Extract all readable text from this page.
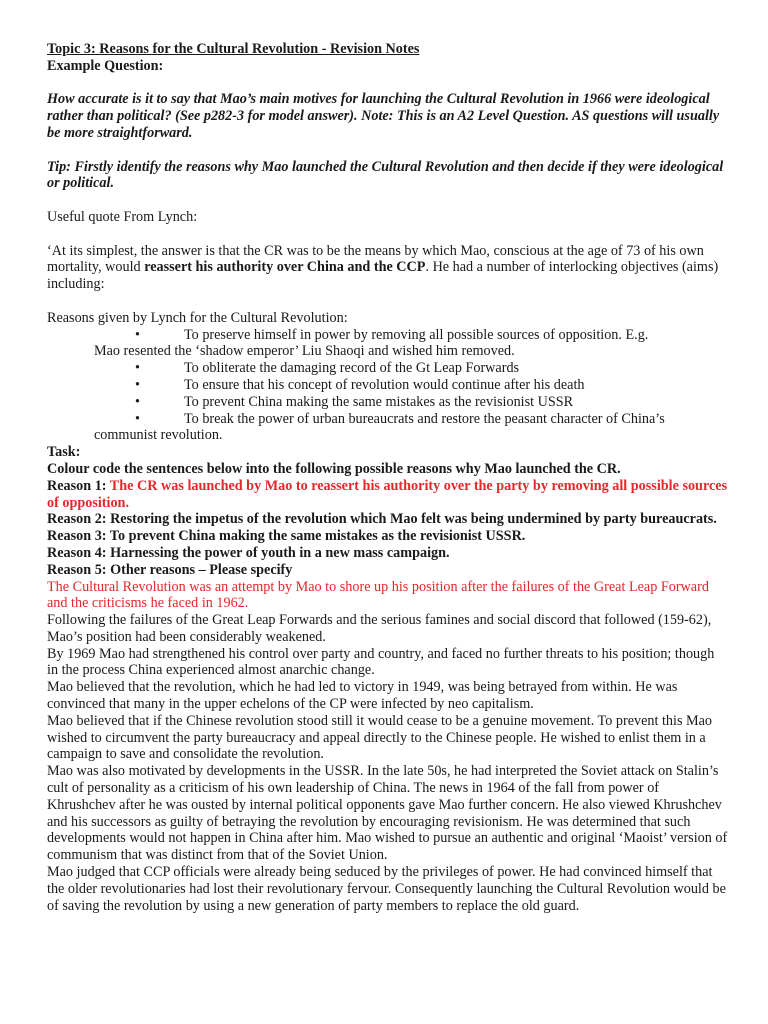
Topic 3: Reasons for the Cultural Revolution - Revision Notes

Example Question:

How accurate is it to say that Mao’s main motives for launching the Cultural Revolution in 1966 were ideological rather than political? (See p282-3 for model answer). Note: This is an A2 Level Question. AS questions will usually be more straightforward.

Tip: Firstly identify the reasons why Mao launched the Cultural Revolution and then decide if they were ideological or political.

Useful quote From Lynch:

‘At its simplest, the answer is that the CR was to be the means by which Mao, conscious at the age of 73 of his own mortality, would reassert his authority over China and the CCP. He had a number of interlocking objectives (aims) including:

Reasons given by Lynch for the Cultural Revolution:

•	To preserve himself in power by removing all possible sources of opposition. E.g.
Mao resented the ‘shadow emperor’ Liu Shaoqi and wished him removed.
•	To obliterate the damaging record of the Gt Leap Forwards
•	To ensure that his concept of revolution would continue after his death
•	To prevent China making the same mistakes as the revisionist USSR
•	To break the power of urban bureaucrats and restore the peasant character of China’s
communist revolution.

Task:

Colour code the sentences below into the following possible reasons why Mao launched the CR.

Reason 1: The CR was launched by Mao to reassert his authority over the party by removing all possible sources of opposition.

Reason 2: Restoring the impetus of the revolution which Mao felt was being undermined by party bureaucrats.

Reason 3: To prevent China making the same mistakes as the revisionist USSR.

Reason 4: Harnessing the power of youth in a new mass campaign.

Reason 5: Other reasons – Please specify

The Cultural Revolution was an attempt by Mao to shore up his position after the failures of the Great Leap Forward and the criticisms he faced in 1962.

Following the failures of the Great Leap Forwards and the serious famines and social discord that followed (159-62), Mao’s position had been considerably weakened.

By 1969 Mao had strengthened his control over party and country, and faced no further threats to his position; though in the process China experienced almost anarchic change.

Mao believed that the revolution, which he had led to victory in 1949, was being betrayed from within. He was convinced that many in the upper echelons of the CP were infected by neo capitalism.

Mao believed that if the Chinese revolution stood still it would cease to be a genuine movement. To prevent this Mao wished to circumvent the party bureaucracy and appeal directly to the Chinese people. He wished to enlist them in a campaign to save and consolidate the revolution.

Mao was also motivated by developments in the USSR. In the late 50s, he had interpreted the Soviet attack on Stalin’s cult of personality as a criticism of his own leadership of China. The news in 1964 of the fall from power of Khrushchev after he was ousted by internal political opponents gave Mao further concern. He also viewed Khrushchev and his successors as guilty of betraying the revolution by encouraging revisionism. He was determined that such developments would not happen in China after him. Mao wished to pursue an authentic and original ‘Maoist’ version of communism that was distinct from that of the Soviet Union.

Mao judged that CCP officials were already being seduced by the privileges of power. He had convinced himself that the older revolutionaries had lost their revolutionary fervour. Consequently launching the Cultural Revolution would be of saving the revolution by using a new generation of party members to replace the old guard.
